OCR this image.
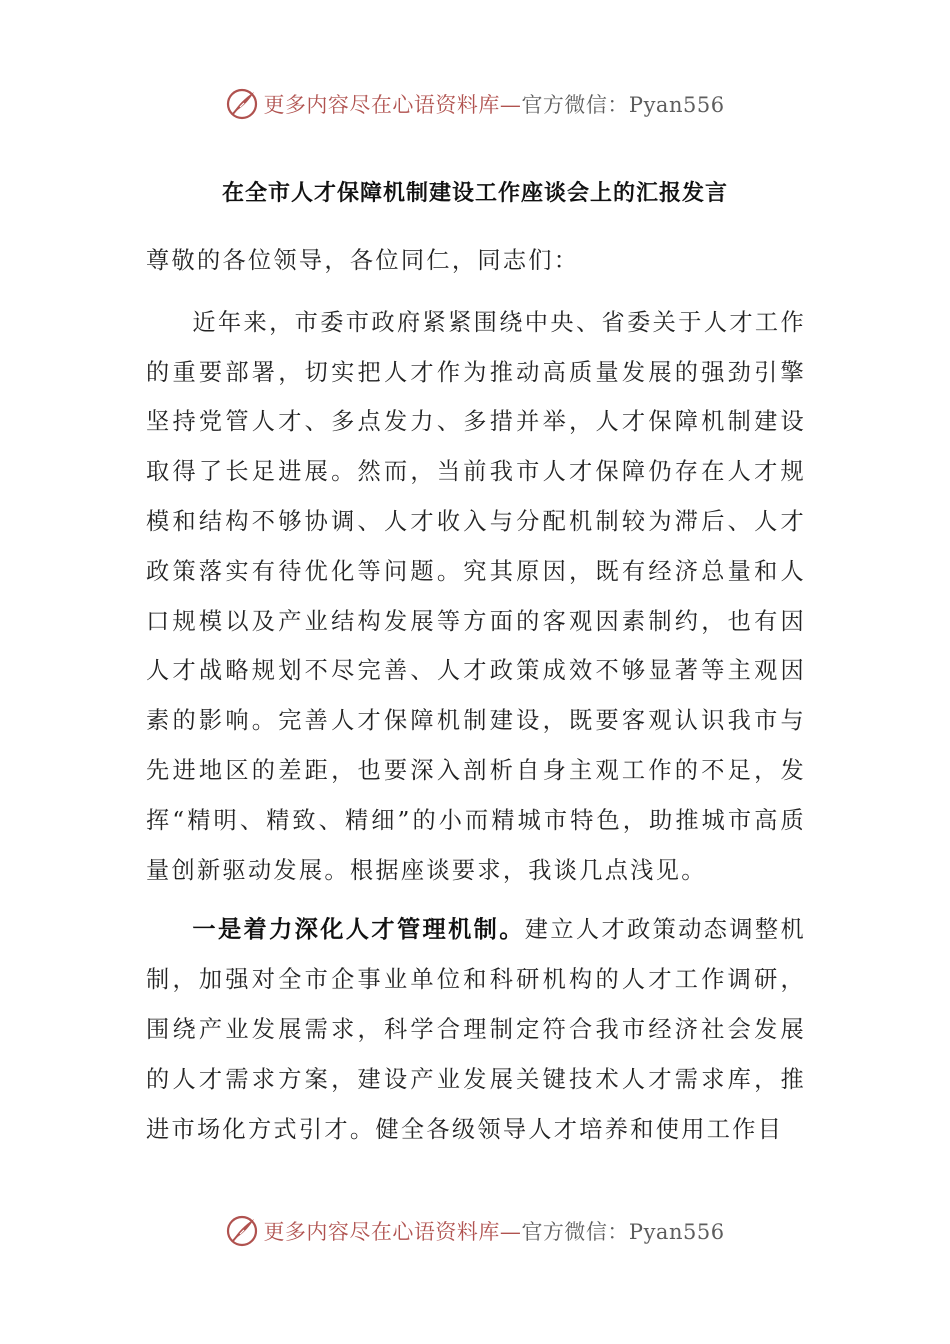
更多内容尽在心语资料库—官方微信：Pyan556
在全市人才保障机制建设工作座谈会上的汇报发言

尊敬的各位领导，各位同仁，同志们：

近年来，市委市政府紧紧围绕中央、省委关于人才工作的重要部署，切实把人才作为推动高质量发展的强劲引擎坚持党管人才、多点发力、多措并举，人才保障机制建设取得了长足进展。然而，当前我市人才保障仍存在人才规模和结构不够协调、人才收入与分配机制较为滞后、人才政策落实有待优化等问题。究其原因，既有经济总量和人口规模以及产业结构发展等方面的客观因素制约，也有因人才战略规划不尽完善、人才政策成效不够显著等主观因素的影响。完善人才保障机制建设，既要客观认识我市与先进地区的差距，也要深入剖析自身主观工作的不足，发挥“精明、精致、精细”的小而精城市特色，助推城市高质量创新驱动发展。根据座谈要求，我谈几点浅见。

一是着力深化人才管理机制。建立人才政策动态调整机制，加强对全市企事业单位和科研机构的人才工作调研，围绕产业发展需求，科学合理制定符合我市经济社会发展的人才需求方案，建设产业发展关键技术人才需求库，推进市场化方式引才。健全各级领导人才培养和使用工作目

更多内容尽在心语资料库—官方微信：Pyan556
